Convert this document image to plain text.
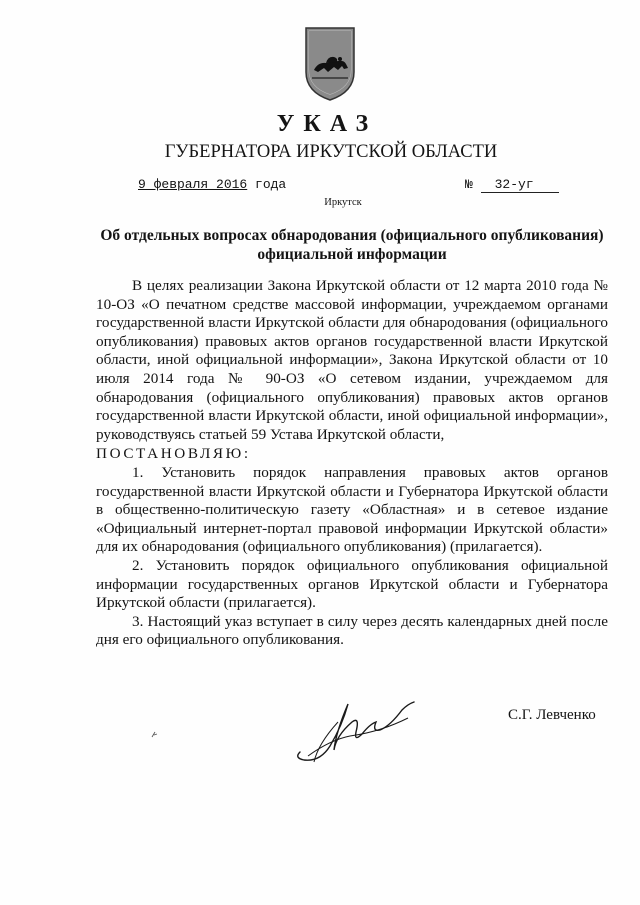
УКАЗ
ГУБЕРНАТОРА ИРКУТСКОЙ ОБЛАСТИ
9 февраля 2016 года	№ 32-уг
Иркутск
Об отдельных вопросах обнародования (официального опубликования) официальной информации

В целях реализации Закона Иркутской области от 12 марта 2010 года № 10-ОЗ «О печатном средстве массовой информации, учреждаемом органами государственной власти Иркутской области для обнародования (официального опубликования) правовых актов органов государственной власти Иркутской области, иной официальной информации», Закона Иркутской области от 10 июля 2014 года № 90-ОЗ «О сетевом издании, учреждаемом для обнародования (официального опубликования) правовых актов органов государственной власти Иркутской области, иной официальной информации», руководствуясь статьей 59 Устава Иркутской области,

ПОСТАНОВЛЯЮ:

1. Установить порядок направления правовых актов органов государственной власти Иркутской области и Губернатора Иркутской области в общественно-политическую газету «Областная» и в сетевое издание «Официальный интернет-портал правовой информации Иркутской области» для их обнародования (официального опубликования) (прилагается).

2. Установить порядок официального опубликования официальной информации государственных органов Иркутской области и Губернатора Иркутской области (прилагается).

3. Настоящий указ вступает в силу через десять календарных дней после дня его официального опубликования.

С.Г. Левченко
